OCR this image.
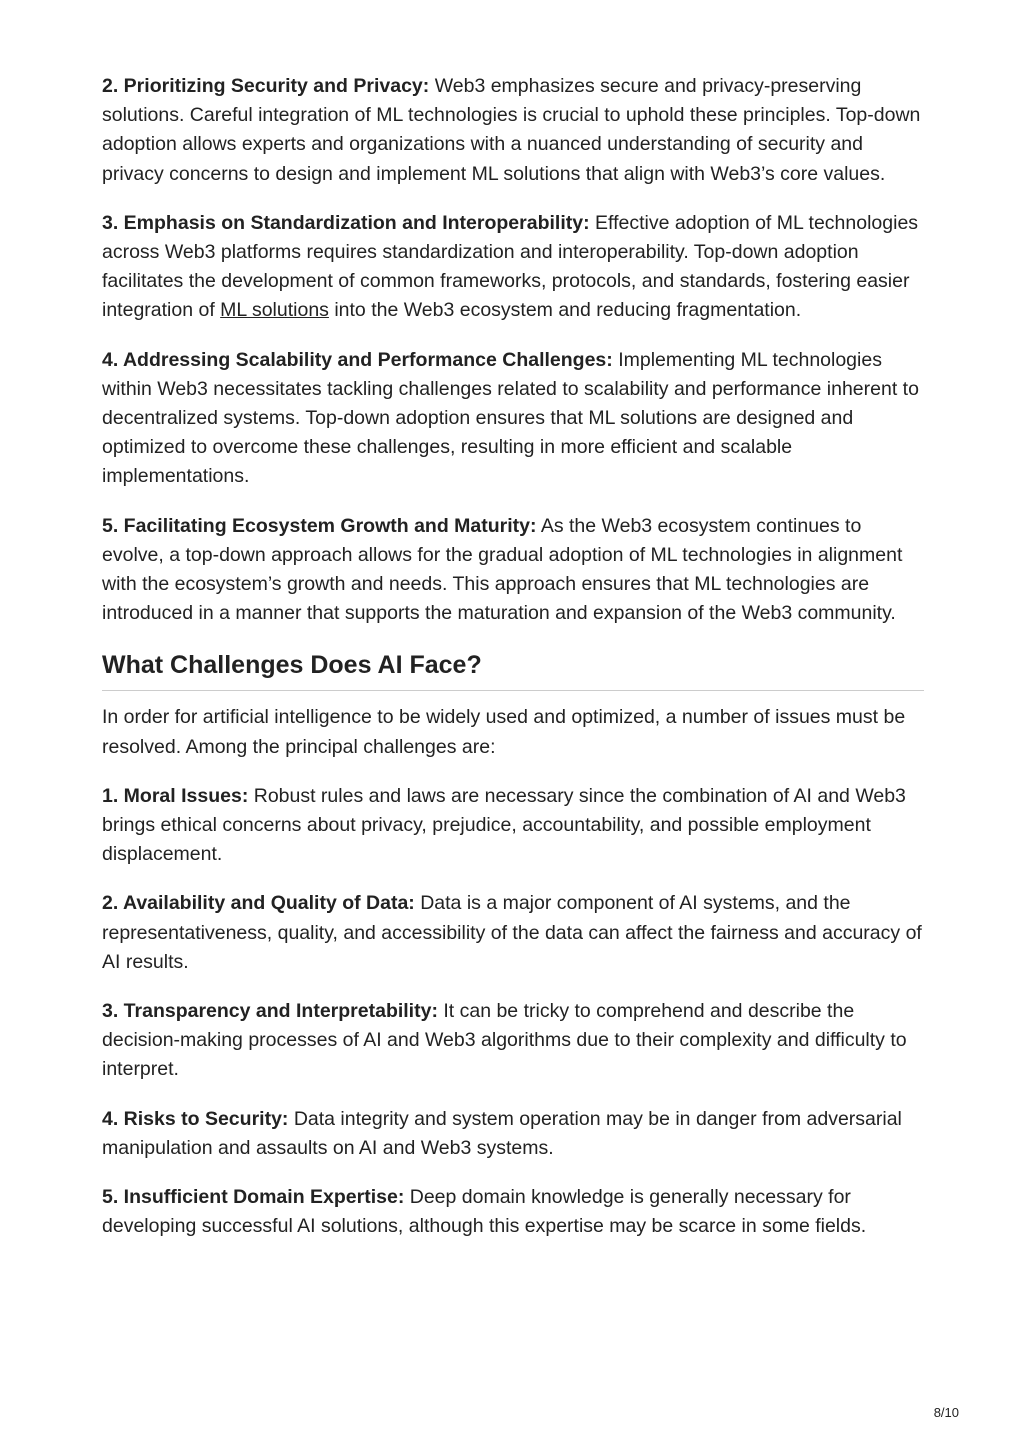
2. Prioritizing Security and Privacy: Web3 emphasizes secure and privacy-preserving solutions. Careful integration of ML technologies is crucial to uphold these principles. Top-down adoption allows experts and organizations with a nuanced understanding of security and privacy concerns to design and implement ML solutions that align with Web3’s core values.

3. Emphasis on Standardization and Interoperability: Effective adoption of ML technologies across Web3 platforms requires standardization and interoperability. Top-down adoption facilitates the development of common frameworks, protocols, and standards, fostering easier integration of ML solutions into the Web3 ecosystem and reducing fragmentation.

4. Addressing Scalability and Performance Challenges: Implementing ML technologies within Web3 necessitates tackling challenges related to scalability and performance inherent to decentralized systems. Top-down adoption ensures that ML solutions are designed and optimized to overcome these challenges, resulting in more efficient and scalable implementations.

5. Facilitating Ecosystem Growth and Maturity: As the Web3 ecosystem continues to evolve, a top-down approach allows for the gradual adoption of ML technologies in alignment with the ecosystem’s growth and needs. This approach ensures that ML technologies are introduced in a manner that supports the maturation and expansion of the Web3 community.

What Challenges Does AI Face?

In order for artificial intelligence to be widely used and optimized, a number of issues must be resolved. Among the principal challenges are:

1. Moral Issues: Robust rules and laws are necessary since the combination of AI and Web3 brings ethical concerns about privacy, prejudice, accountability, and possible employment displacement.

2. Availability and Quality of Data: Data is a major component of AI systems, and the representativeness, quality, and accessibility of the data can affect the fairness and accuracy of AI results.

3. Transparency and Interpretability: It can be tricky to comprehend and describe the decision-making processes of AI and Web3 algorithms due to their complexity and difficulty to interpret.

4. Risks to Security: Data integrity and system operation may be in danger from adversarial manipulation and assaults on AI and Web3 systems.

5. Insufficient Domain Expertise: Deep domain knowledge is generally necessary for developing successful AI solutions, although this expertise may be scarce in some fields.

8/10
